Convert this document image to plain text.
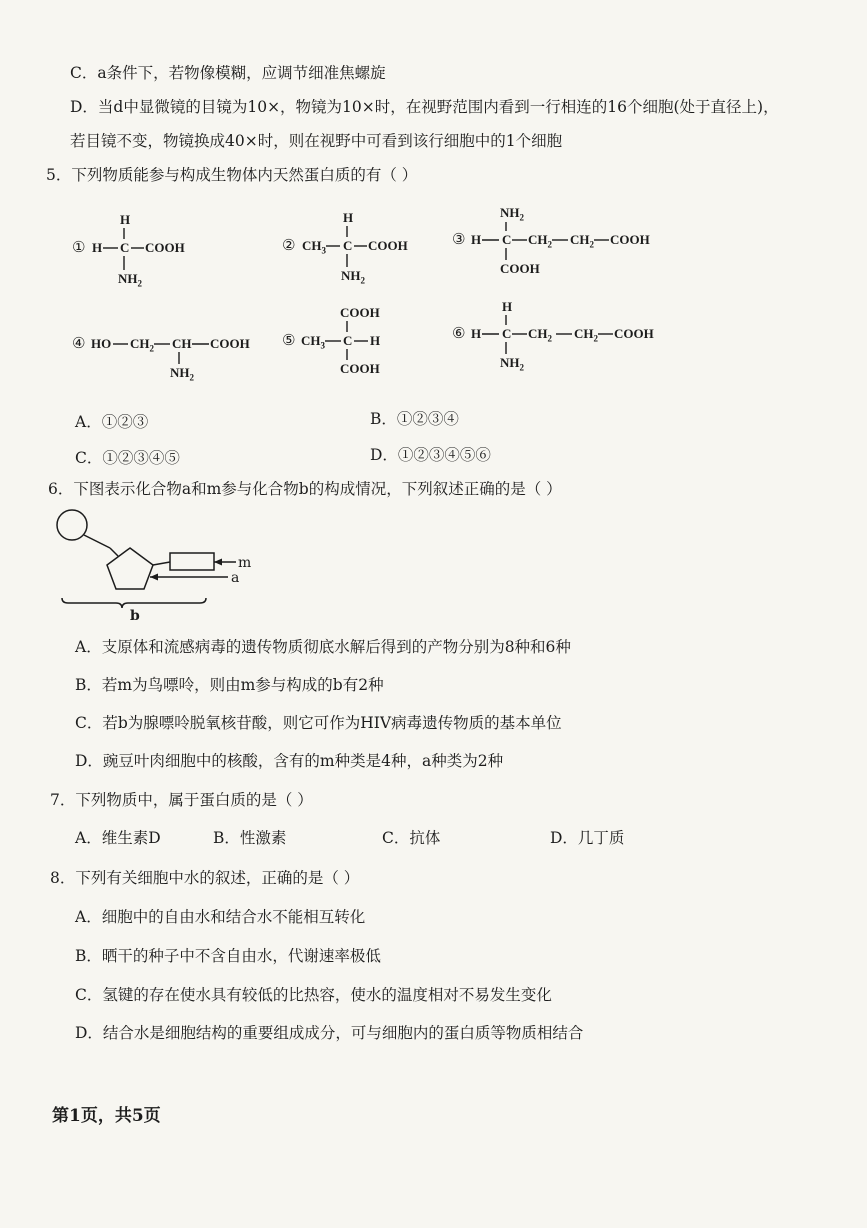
C．a条件下，若物像模糊，应调节细准焦螺旋
D．当d中显微镜的目镜为10×，物镜为10×时，在视野范围内看到一行相连的16个细胞(处于直径上)，
若目镜不变，物镜换成40×时，则在视野中可看到该行细胞中的1个细胞
5．下列物质能参与构成生物体内天然蛋白质的有（ ）
H
① H C COOH
$NH_2$
H
② $CH_3$ C COOH
$NH_2$
$NH_2$
③ H C $CH_2$ $CH_2$ COOH
COOH
④ HO $CH_2$ CH COOH
$NH_2$
COOH
⑤ $CH_3$ C H
COOH
H
⑥ H C $CH_2$ $CH_2$ COOH
$NH_2$
A．①②③	B．①②③④
C．①②③④⑤	D．①②③④⑤⑥
6．下图表示化合物a和m参与化合物b的构成情况，下列叙述正确的是（ ）
m
a
b
A．支原体和流感病毒的遗传物质彻底水解后得到的产物分别为8种和6种
B．若m为鸟嘌呤，则由m参与构成的b有2种
C．若b为腺嘌呤脱氧核苷酸，则它可作为HIV病毒遗传物质的基本单位
D．豌豆叶肉细胞中的核酸，含有的m种类是4种，a种类为2种
7．下列物质中，属于蛋白质的是（ ）
A．维生素D	B．性激素	C．抗体	D．几丁质
8．下列有关细胞中水的叙述，正确的是（ ）
A．细胞中的自由水和结合水不能相互转化
B．晒干的种子中不含自由水，代谢速率极低
C．氢键的存在使水具有较低的比热容，使水的温度相对不易发生变化
D．结合水是细胞结构的重要组成成分，可与细胞内的蛋白质等物质相结合
第1页，共5页
